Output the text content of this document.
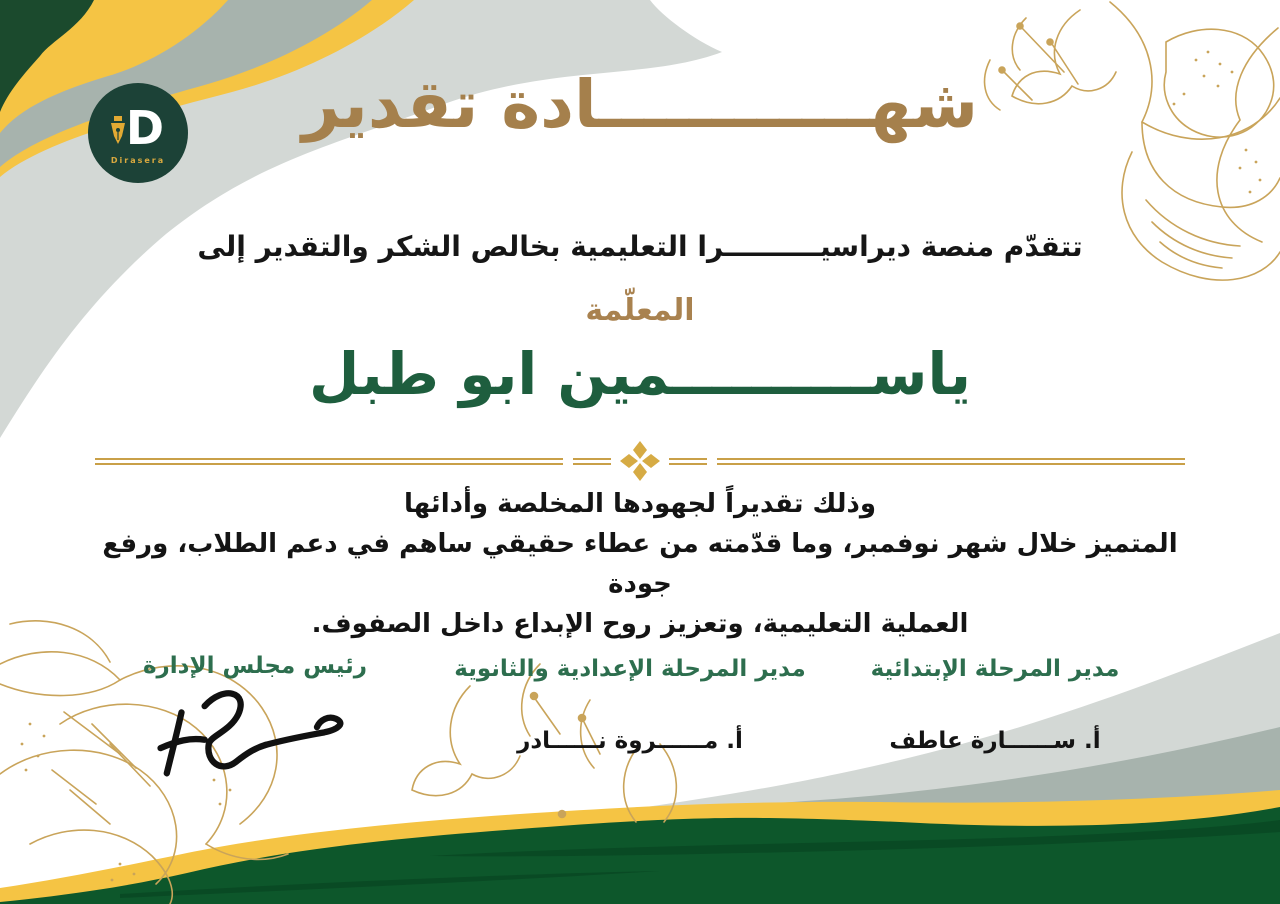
D
Dirasera
شهــــــــــــادة تقدير
تتقدّم منصة ديراسيــــــــــرا التعليمية بخالص الشكر والتقدير إلى
المعلّمة
ياســــــــــمين ابو طبل
وذلك تقديراً لجهودها المخلصة وأدائها
المتميز خلال شهر نوفمبر، وما قدّمته من عطاء حقيقي ساهم في دعم الطلاب، ورفع جودة
العملية التعليمية، وتعزيز روح الإبداع داخل الصفوف.
مدير المرحلة الإبتدائية
أ. ســــــارة عاطف
مدير المرحلة الإعدادية والثانوية
أ. مــــــروة نــــــادر
رئيس مجلس الإدارة
